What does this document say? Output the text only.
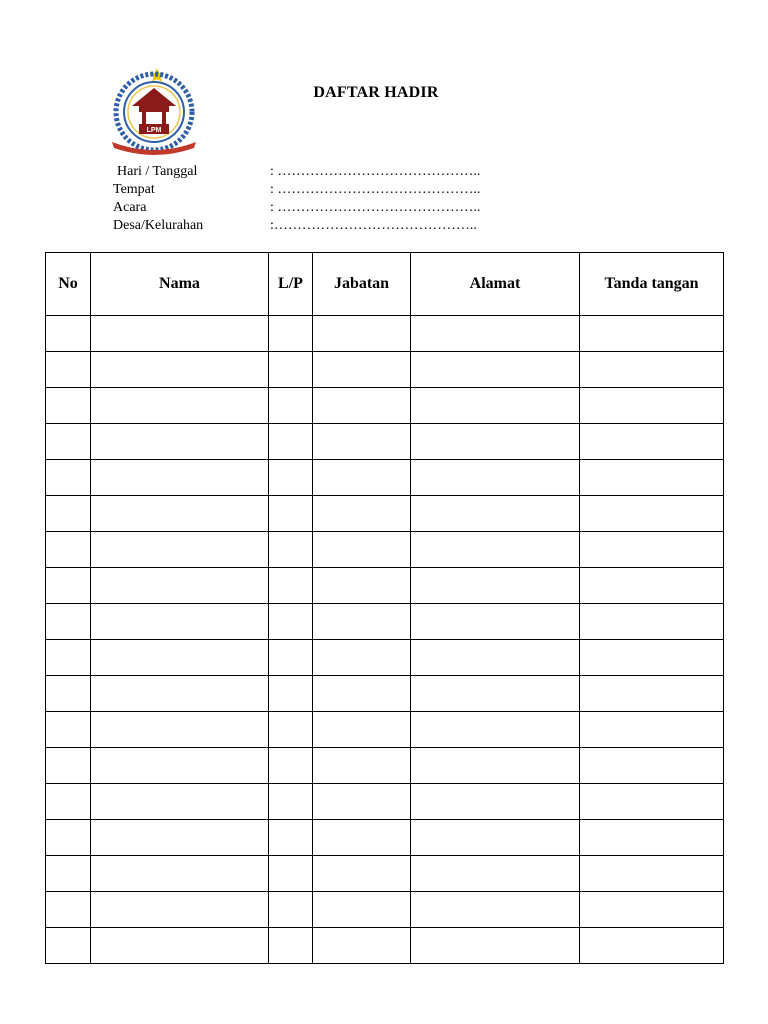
LPM
DAFTAR HADIR
Hari / Tanggal	: ……………………………………..
Tempat	: ……………………………………..
Acara	: ……………………………………..
Desa/Kelurahan	:……………………………………..
No	Nama	L/P	Jabatan	Alamat	Tanda tangan
